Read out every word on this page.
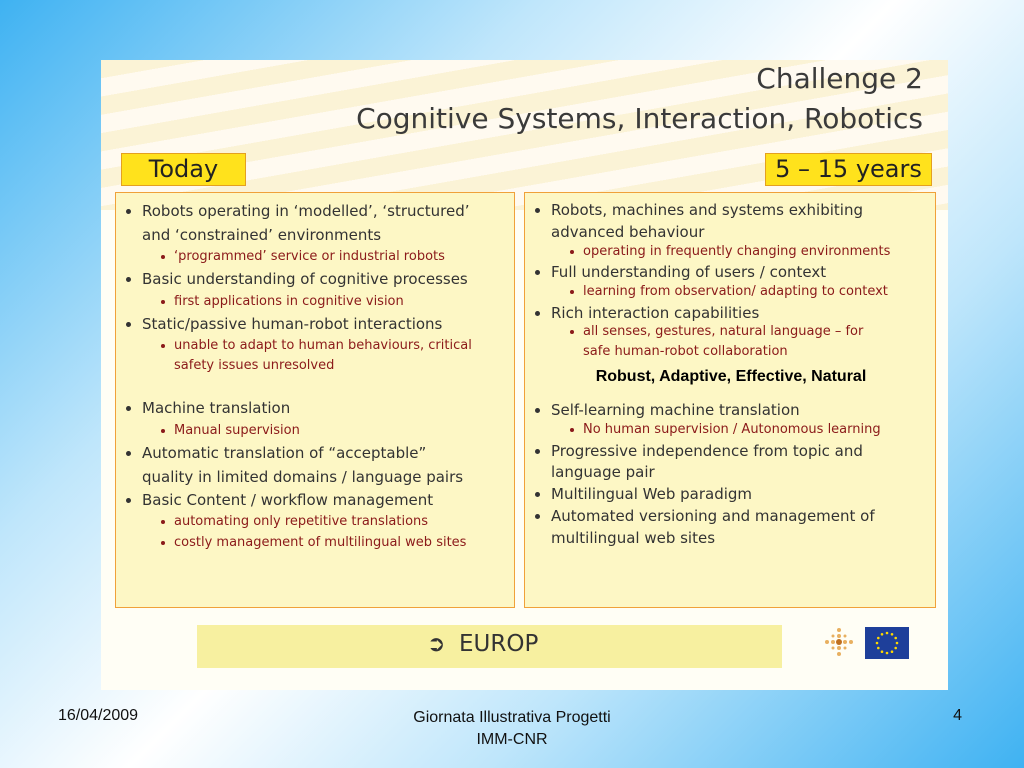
Challenge 2
Cognitive Systems, Interaction, Robotics
Today	5 – 15 years
Robots operating in ‘modelled’, ‘structured’
and ‘constrained’ environments
‘programmed’ service or industrial robots
Basic understanding of cognitive processes
first applications in cognitive vision
Static/passive human-robot interactions
unable to adapt to human behaviours, critical
safety issues unresolved
Machine translation
Manual supervision
Automatic translation of “acceptable”
quality in limited domains / language pairs
Basic Content / workflow management
automating only repetitive translations
costly management of multilingual web sites
Robots, machines and systems exhibiting
advanced behaviour
operating in frequently changing environments
Full understanding of users / context
learning from observation/ adapting to context
Rich interaction capabilities
all senses, gestures, natural language – for
safe human-robot collaboration
Robust, Adaptive, Effective, Natural
Self-learning machine translation
No human supervision / Autonomous learning
Progressive independence from topic and
language pair
Multilingual Web paradigm
Automated versioning and management of
multilingual web sites
➲ EUROP
16/04/2009	Giornata Illustrativa Progetti
IMM-CNR
4
